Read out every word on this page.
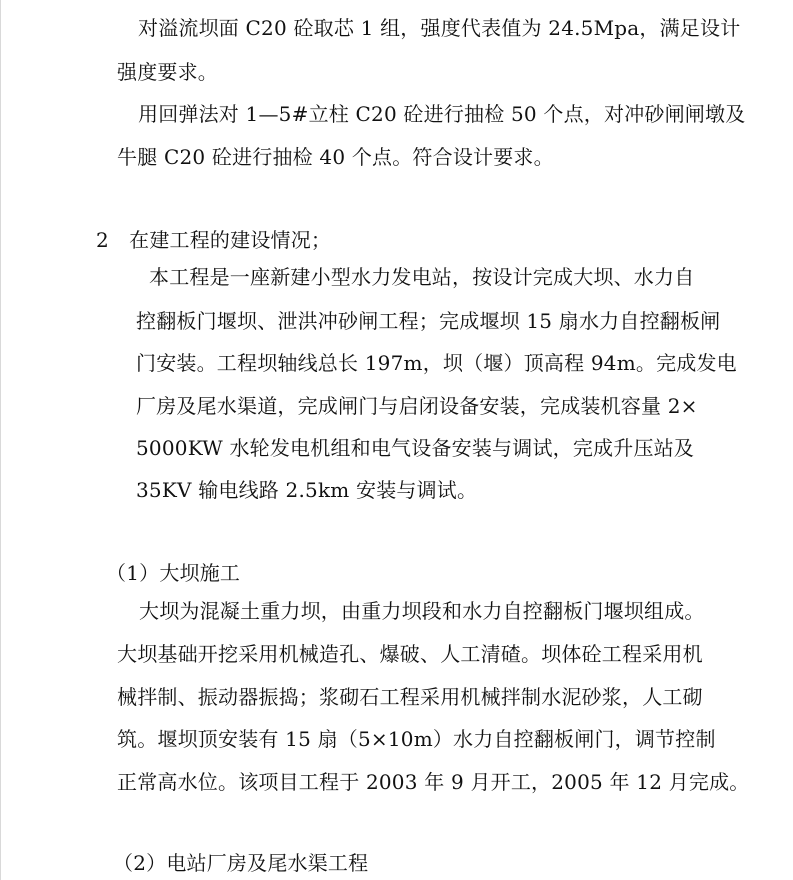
对溢流坝面 C20 砼取芯 1 组，强度代表值为 24.5Mpa，满足设计
强度要求。
用回弹法对 1—5#立柱 C20 砼进行抽检 50 个点，对冲砂闸闸墩及
牛腿 C20 砼进行抽检 40 个点。符合设计要求。
2　在建工程的建设情况；
本工程是一座新建小型水力发电站，按设计完成大坝、水力自
控翻板门堰坝、泄洪冲砂闸工程；完成堰坝 15 扇水力自控翻板闸
门安装。工程坝轴线总长 197m，坝（堰）顶高程 94m。完成发电
厂房及尾水渠道，完成闸门与启闭设备安装，完成装机容量 2×
5000KW 水轮发电机组和电气设备安装与调试，完成升压站及
35KV 输电线路 2.5km 安装与调试。
（1）大坝施工
大坝为混凝土重力坝，由重力坝段和水力自控翻板门堰坝组成。
大坝基础开挖采用机械造孔、爆破、人工清碴。坝体砼工程采用机
械拌制、振动器振捣；浆砌石工程采用机械拌制水泥砂浆，人工砌
筑。堰坝顶安装有 15 扇（5×10m）水力自控翻板闸门，调节控制
正常高水位。该项目工程于 2003 年 9 月开工，2005 年 12 月完成。
（2）电站厂房及尾水渠工程
